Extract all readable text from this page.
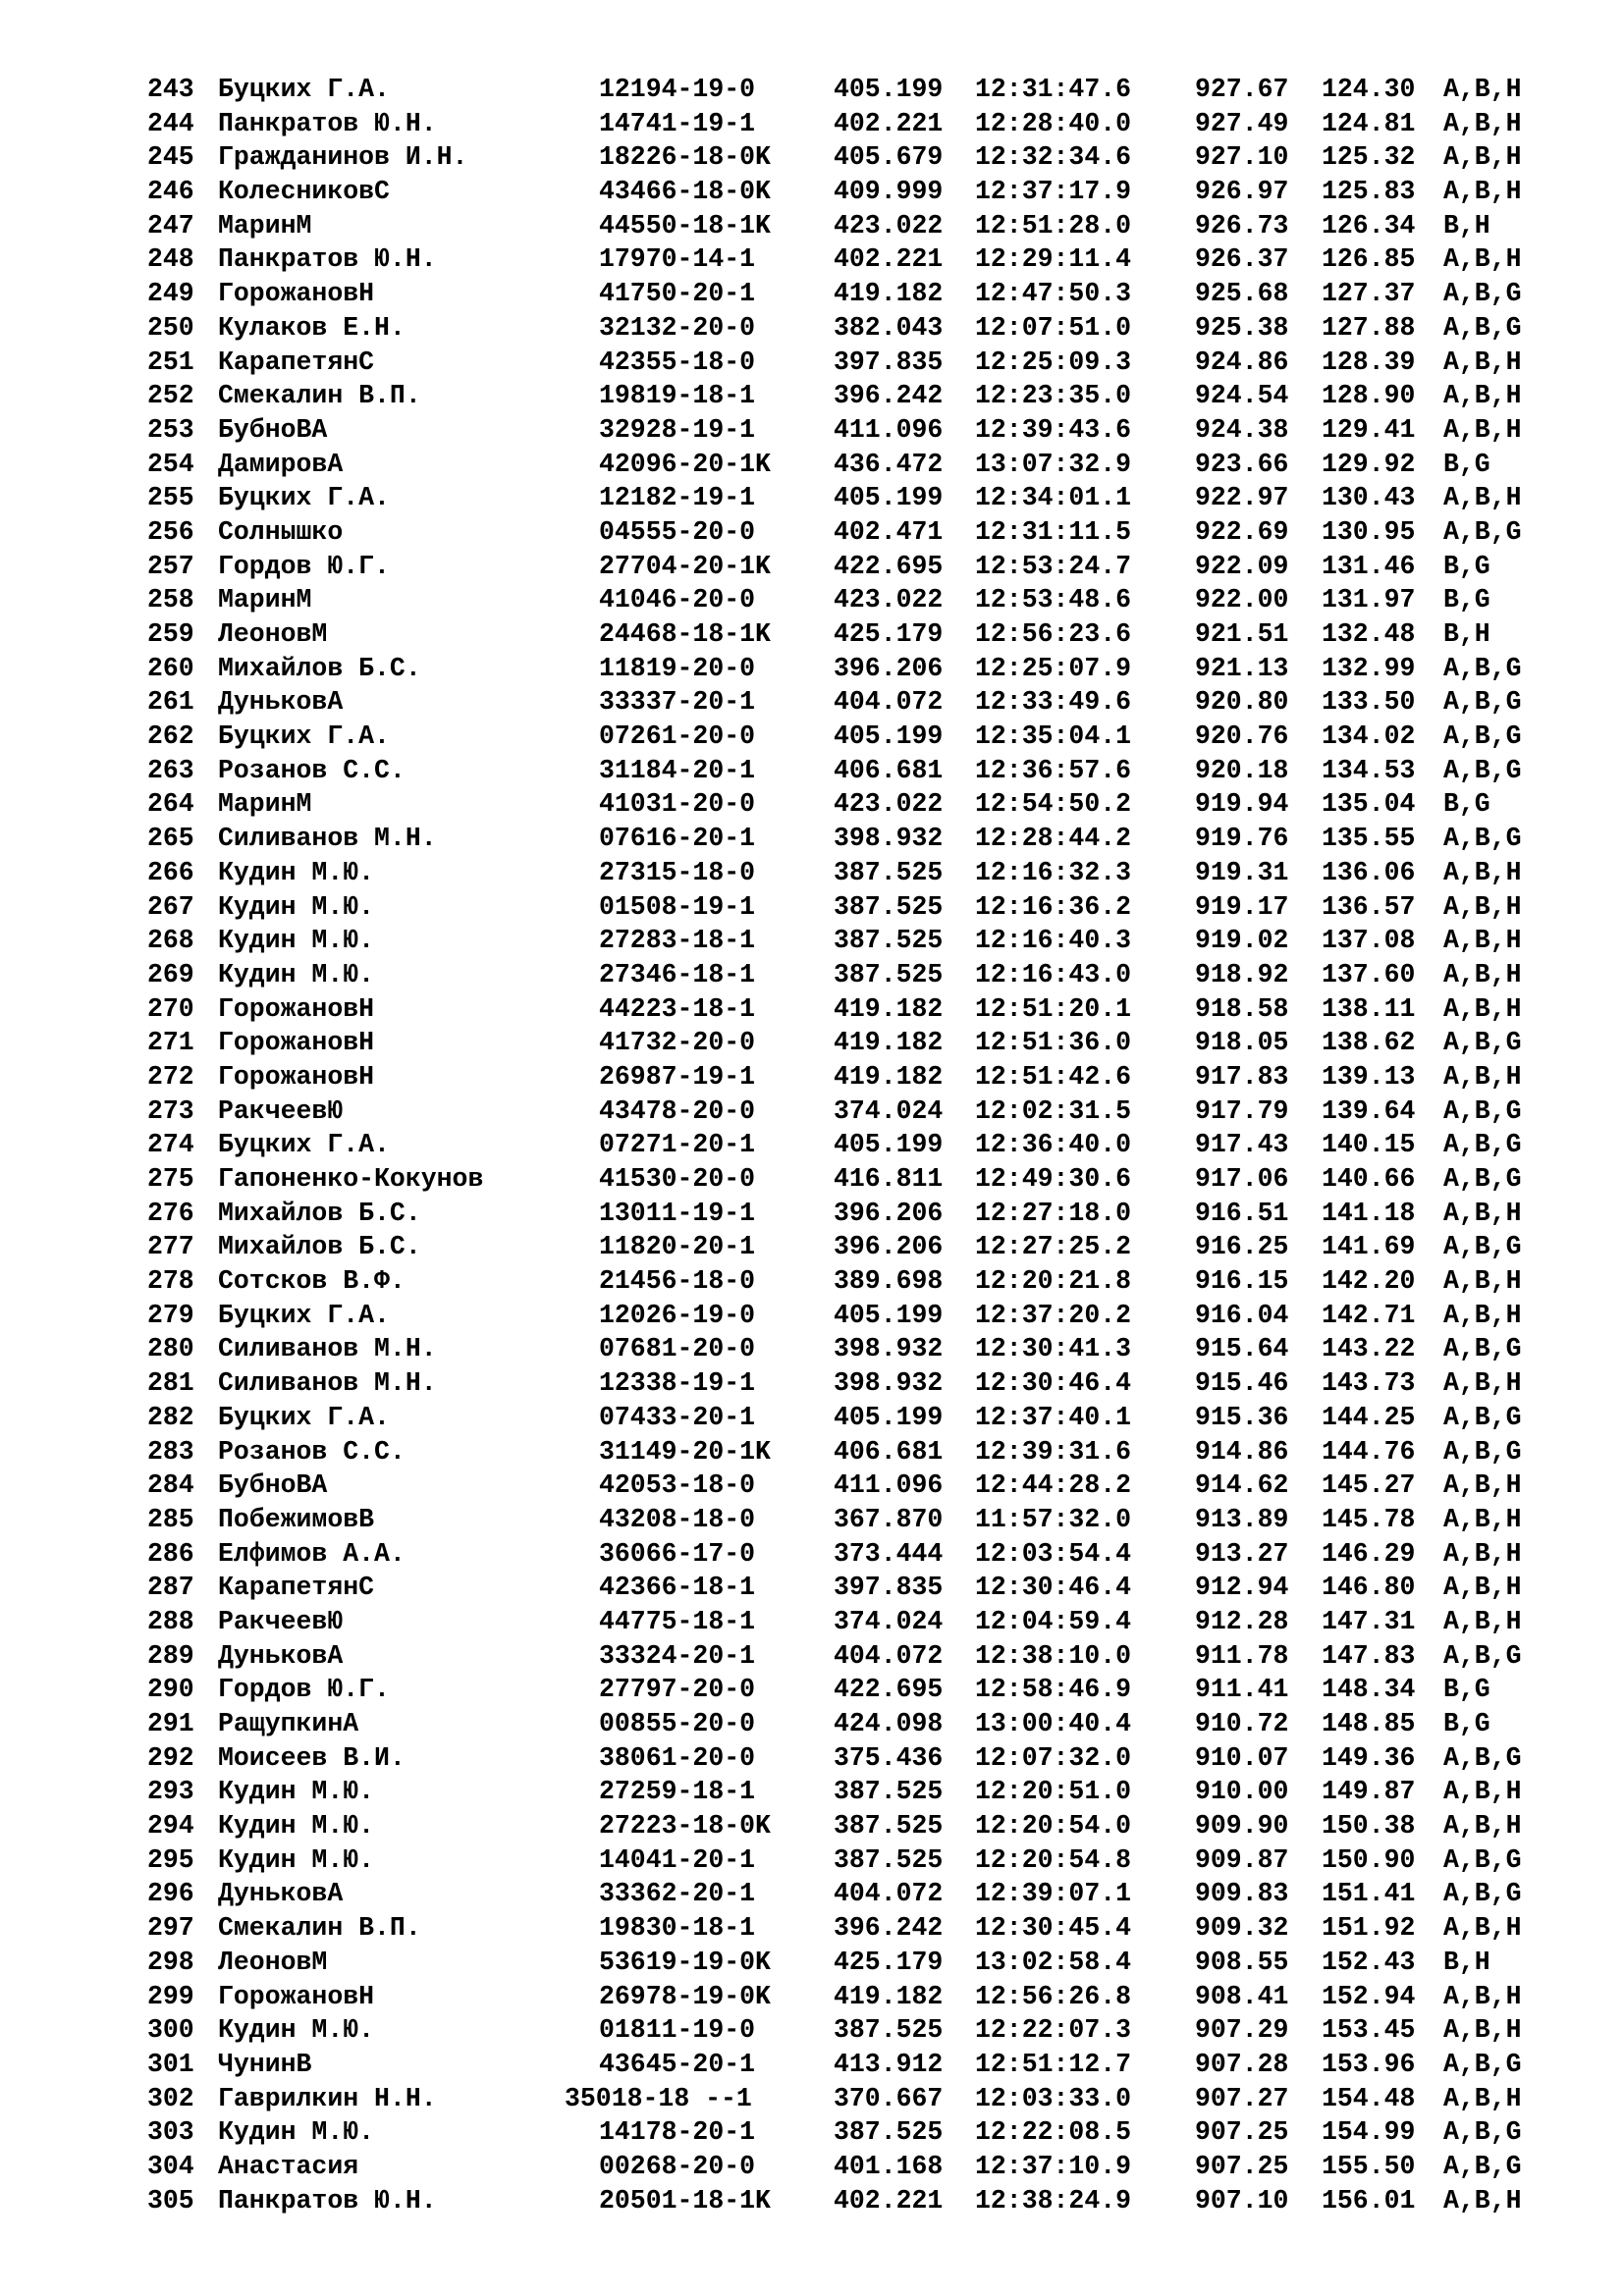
243 Буцких Г.А.	12194-19-0	405.199 12:31:47.6 927.67 124.30 A,B,H
244 Панкратов Ю.Н.	14741-19-1	402.221 12:28:40.0 927.49 124.81 A,B,H
245 Гражданинов И.Н.	18226-18-0K 405.679 12:32:34.6 927.10 125.32 A,B,H
246 КолесниковС	43466-18-0K 409.999 12:37:17.9 926.97 125.83 A,B,H
247 МаринМ	44550-18-1K 423.022 12:51:28.0 926.73 126.34 B,H
248 Панкратов Ю.Н.	17970-14-1	402.221 12:29:11.4 926.37 126.85 A,B,H
249 ГорожановН	41750-20-1	419.182 12:47:50.3 925.68 127.37 A,B,G
250 Кулаков Е.Н.	32132-20-0	382.043 12:07:51.0 925.38 127.88 A,B,G
251 КарапетянС	42355-18-0	397.835 12:25:09.3 924.86 128.39 A,B,H
252 Смекалин В.П.	19819-18-1	396.242 12:23:35.0 924.54 128.90 A,B,H
253 БубноВА	32928-19-1	411.096 12:39:43.6 924.38 129.41 A,B,H
254 ДамировА	42096-20-1K 436.472 13:07:32.9 923.66 129.92 B,G
255 Буцких Г.А.	12182-19-1	405.199 12:34:01.1 922.97 130.43 A,B,H
256 Солнышко	04555-20-0	402.471 12:31:11.5 922.69 130.95 A,B,G
257 Гордов Ю.Г.	27704-20-1K 422.695 12:53:24.7 922.09 131.46 B,G
258 МаринМ	41046-20-0	423.022 12:53:48.6 922.00 131.97 B,G
259 ЛеоновМ	24468-18-1K 425.179 12:56:23.6 921.51 132.48 B,H
260 Михайлов Б.С.	11819-20-0	396.206 12:25:07.9 921.13 132.99 A,B,G
261 ДуньковА	33337-20-1	404.072 12:33:49.6 920.80 133.50 A,B,G
262 Буцких Г.А.	07261-20-0	405.199 12:35:04.1 920.76 134.02 A,B,G
263 Розанов С.С.	31184-20-1	406.681 12:36:57.6 920.18 134.53 A,B,G
264 МаринМ	41031-20-0	423.022 12:54:50.2 919.94 135.04 B,G
265 Силиванов М.Н.	07616-20-1	398.932 12:28:44.2 919.76 135.55 A,B,G
266 Кудин М.Ю.	27315-18-0	387.525 12:16:32.3 919.31 136.06 A,B,H
267 Кудин М.Ю.	01508-19-1	387.525 12:16:36.2 919.17 136.57 A,B,H
268 Кудин М.Ю.	27283-18-1	387.525 12:16:40.3 919.02 137.08 A,B,H
269 Кудин М.Ю.	27346-18-1	387.525 12:16:43.0 918.92 137.60 A,B,H
270 ГорожановН	44223-18-1	419.182 12:51:20.1 918.58 138.11 A,B,H
271 ГорожановН	41732-20-0	419.182 12:51:36.0 918.05 138.62 A,B,G
272 ГорожановН	26987-19-1	419.182 12:51:42.6 917.83 139.13 A,B,H
273 РакчеевЮ	43478-20-0	374.024 12:02:31.5 917.79 139.64 A,B,G
274 Буцких Г.А.	07271-20-1	405.199 12:36:40.0 917.43 140.15 A,B,G
275 Гапоненко-Кокунов	41530-20-0	416.811 12:49:30.6 917.06 140.66 A,B,G
276 Михайлов Б.С.	13011-19-1	396.206 12:27:18.0 916.51 141.18 A,B,H
277 Михайлов Б.С.	11820-20-1	396.206 12:27:25.2 916.25 141.69 A,B,G
278 Сотсков В.Ф.	21456-18-0	389.698 12:20:21.8 916.15 142.20 A,B,H
279 Буцких Г.А.	12026-19-0	405.199 12:37:20.2 916.04 142.71 A,B,H
280 Силиванов М.Н.	07681-20-0	398.932 12:30:41.3 915.64 143.22 A,B,G
281 Силиванов М.Н.	12338-19-1	398.932 12:30:46.4 915.46 143.73 A,B,H
282 Буцких Г.А.	07433-20-1	405.199 12:37:40.1 915.36 144.25 A,B,G
283 Розанов С.С.	31149-20-1K 406.681 12:39:31.6 914.86 144.76 A,B,G
284 БубноВА	42053-18-0	411.096 12:44:28.2 914.62 145.27 A,B,H
285 ПобежимовВ	43208-18-0	367.870 11:57:32.0 913.89 145.78 A,B,H
286 Елфимов А.А.	36066-17-0	373.444 12:03:54.4 913.27 146.29 A,B,H
287 КарапетянС	42366-18-1	397.835 12:30:46.4 912.94 146.80 A,B,H
288 РакчеевЮ	44775-18-1	374.024 12:04:59.4 912.28 147.31 A,B,H
289 ДуньковА	33324-20-1	404.072 12:38:10.0 911.78 147.83 A,B,G
290 Гордов Ю.Г.	27797-20-0	422.695 12:58:46.9 911.41 148.34 B,G
291 РащупкинА	00855-20-0	424.098 13:00:40.4 910.72 148.85 B,G
292 Моисеев В.И.	38061-20-0	375.436 12:07:32.0 910.07 149.36 A,B,G
293 Кудин М.Ю.	27259-18-1	387.525 12:20:51.0 910.00 149.87 A,B,H
294 Кудин М.Ю.	27223-18-0K 387.525 12:20:54.0 909.90 150.38 A,B,H
295 Кудин М.Ю.	14041-20-1	387.525 12:20:54.8 909.87 150.90 A,B,G
296 ДуньковА	33362-20-1	404.072 12:39:07.1 909.83 151.41 A,B,G
297 Смекалин В.П.	19830-18-1	396.242 12:30:45.4 909.32 151.92 A,B,H
298 ЛеоновМ	53619-19-0K 425.179 13:02:58.4 908.55 152.43 B,H
299 ГорожановН	26978-19-0K 419.182 12:56:26.8 908.41 152.94 A,B,H
300 Кудин М.Ю.	01811-19-0	387.525 12:22:07.3 907.29 153.45 A,B,H
301 ЧунинВ	43645-20-1	413.912 12:51:12.7 907.28 153.96 A,B,G
302 Гаврилкин Н.Н.	35018-18 --1	370.667 12:03:33.0 907.27 154.48 A,B,H
303 Кудин М.Ю.	14178-20-1	387.525 12:22:08.5 907.25 154.99 A,B,G
304 Анастасия	00268-20-0	401.168 12:37:10.9 907.25 155.50 A,B,G
305 Панкратов Ю.Н.	20501-18-1K 402.221 12:38:24.9 907.10 156.01 A,B,H
